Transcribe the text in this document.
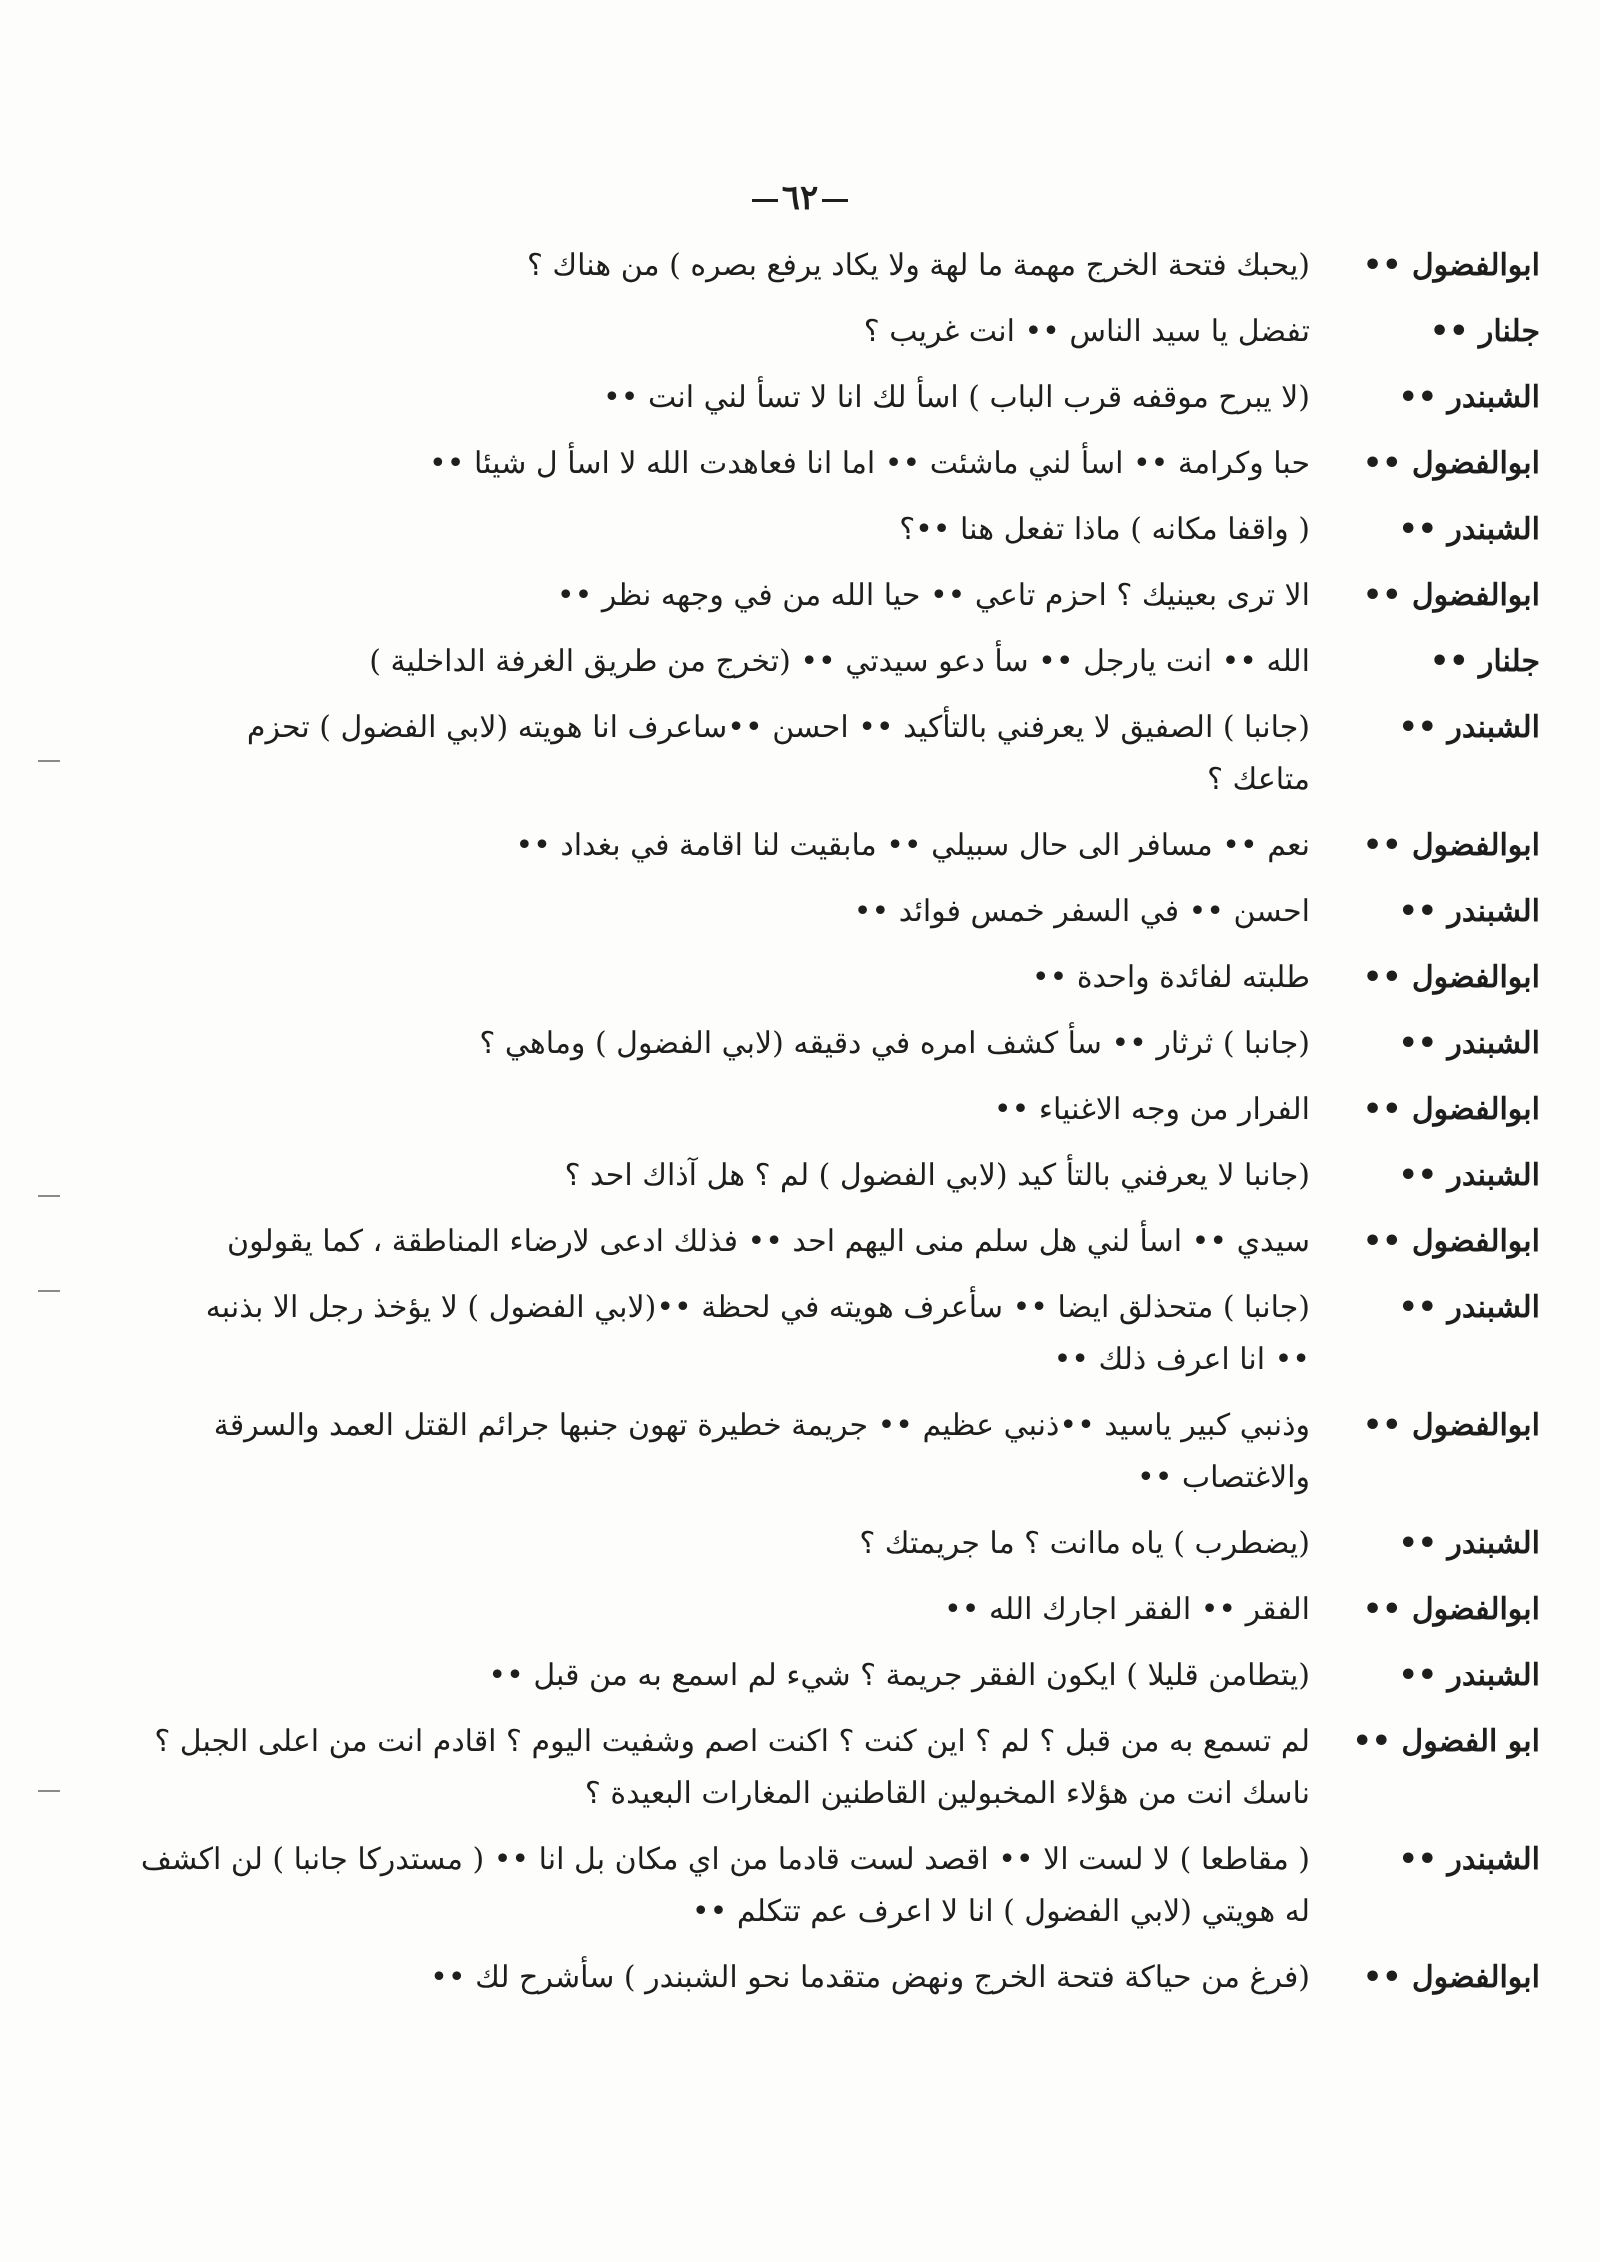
٦٢
ابوالفضول ••
(يحبك فتحة الخرج مهمة ما لهة ولا يكاد يرفع بصره ) من هناك ؟
جلنار ••
تفضل يا سيد الناس •• انت غريب ؟
الشبندر ••
(لا يبرح موقفه قرب الباب ) اسأ لك انا لا تسأ لني انت ••
ابوالفضول ••
حبا وكرامة •• اسأ لني ماشئت •• اما انا فعاهدت الله لا اسأ ل شيئا ••
الشبندر ••
( واقفا مكانه ) ماذا تفعل هنا ••؟
ابوالفضول ••
الا ترى بعينيك ؟ احزم تاعي •• حيا الله من في وجهه نظر ••
جلنار ••
الله •• انت يارجل •• سأ دعو سيدتي •• (تخرج من طريق الغرفة الداخلية )
الشبندر ••
(جانبا ) الصفيق لا يعرفني بالتأكيد •• احسن ••ساعرف انا هويته (لابي الفضول ) تحزم
متاعك ؟
ابوالفضول ••
نعم •• مسافر الى حال سبيلي •• مابقيت لنا اقامة في بغداد ••
الشبندر ••
احسن •• في السفر خمس فوائد ••
ابوالفضول ••
طلبته لفائدة واحدة ••
الشبندر ••
(جانبا ) ثرثار •• سأ كشف امره في دقيقه (لابي الفضول ) وماهي ؟
ابوالفضول ••
الفرار من وجه الاغنياء ••
الشبندر ••
(جانبا لا يعرفني بالتأ كيد (لابي الفضول ) لم ؟ هل آذاك احد ؟
ابوالفضول ••
سيدي •• اسأ لني هل سلم منى اليهم احد •• فذلك ادعى لارضاء المناطقة ، كما يقولون
الشبندر ••
(جانبا ) متحذلق ايضا •• سأعرف هويته في لحظة ••(لابي الفضول ) لا يؤخذ رجل الا بذنبه
•• انا اعرف ذلك ••
ابوالفضول ••
وذنبي كبير ياسيد ••ذنبي عظيم •• جريمة خطيرة تهون جنبها جرائم القتل العمد والسرقة
والاغتصاب ••
الشبندر ••
(يضطرب ) ياه ماانت ؟ ما جريمتك ؟
ابوالفضول ••
الفقر •• الفقر اجارك الله ••
الشبندر ••
(يتطامن قليلا ) ايكون الفقر جريمة ؟ شيء لم اسمع به من قبل ••
ابو الفضول ••
لم تسمع به من قبل ؟ لم ؟ اين كنت ؟ اكنت اصم وشفيت اليوم ؟ اقادم انت من اعلى الجبل ؟
ناسك انت من هؤلاء المخبولين القاطنين المغارات البعيدة ؟
الشبندر ••
( مقاطعا ) لا لست الا •• اقصد لست قادما من اي مكان بل انا •• ( مستدركا جانبا ) لن اكشف
له هويتي (لابي الفضول ) انا لا اعرف عم تتكلم ••
ابوالفضول ••
(فرغ من حياكة فتحة الخرج ونهض متقدما نحو الشبندر ) سأشرح لك ••
